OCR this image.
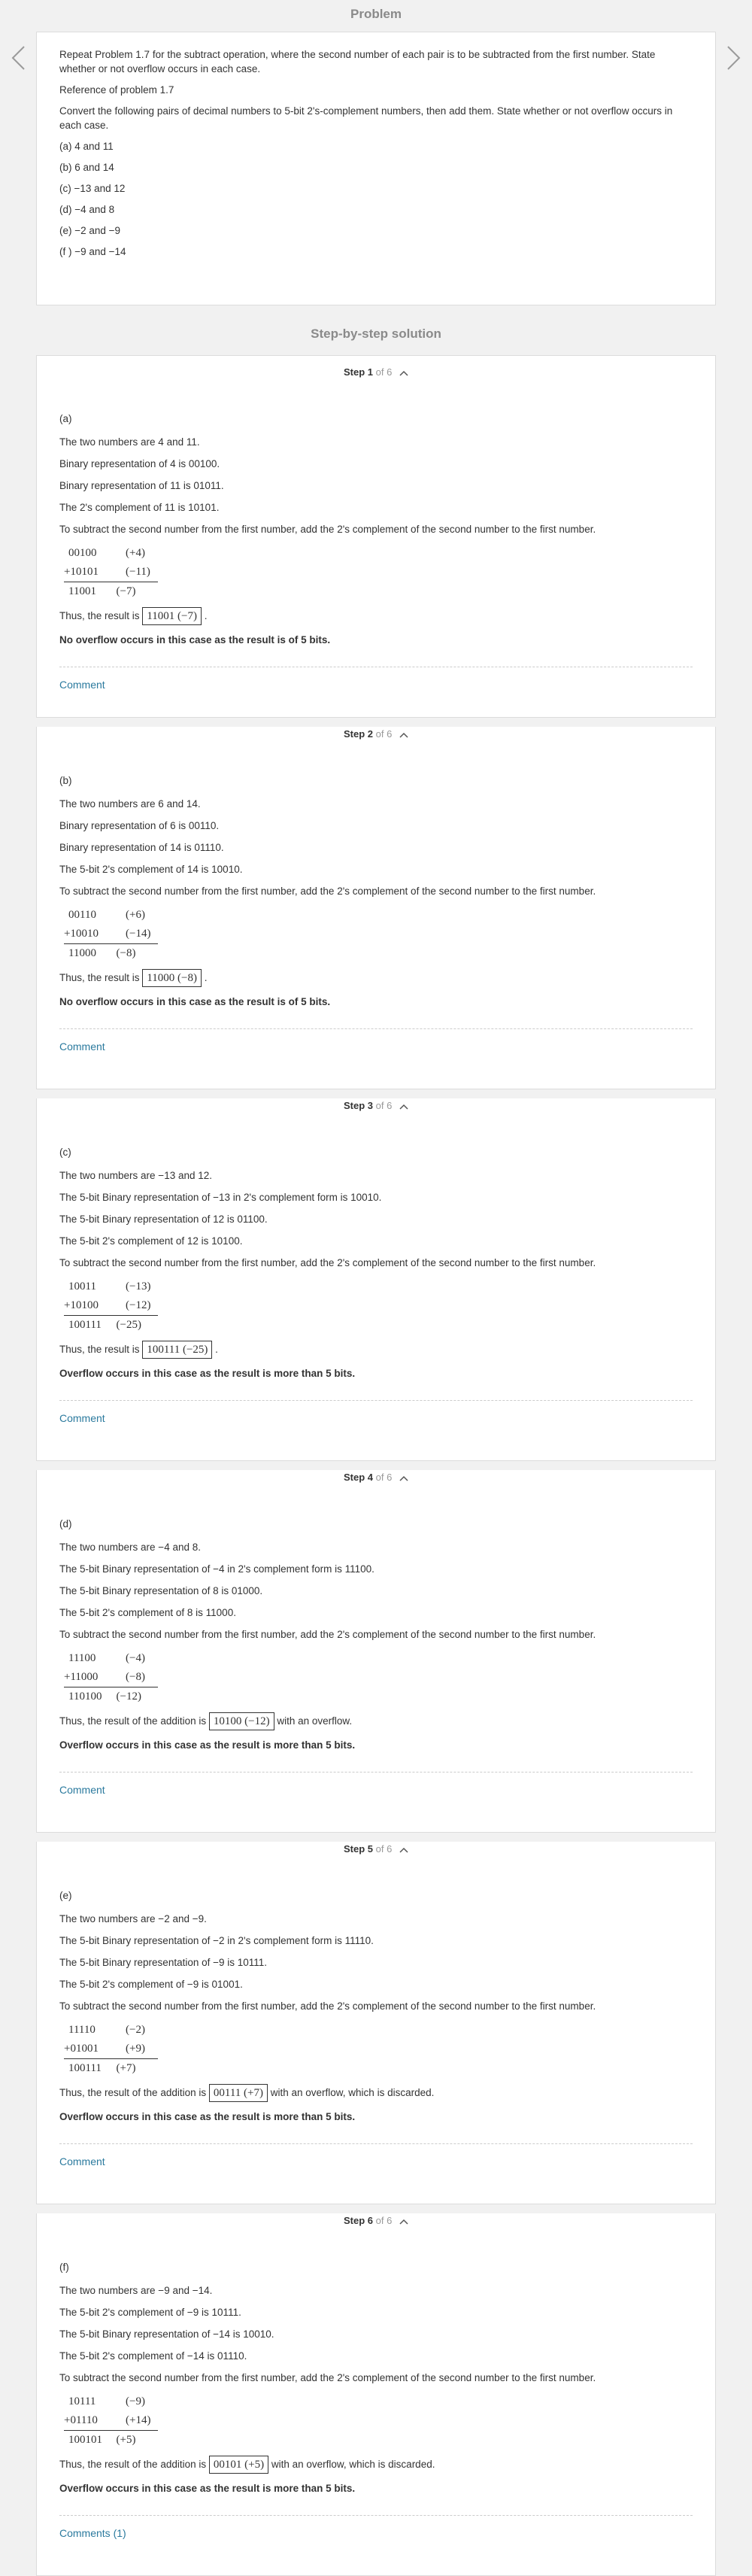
Problem

Repeat Problem 1.7 for the subtract operation, where the second number of each pair is to be subtracted from the first number. State whether or not overflow occurs in each case.

Reference of problem 1.7

Convert the following pairs of decimal numbers to 5-bit 2's-complement numbers, then add them. State whether or not overflow occurs in each case.

(a) 4 and 11
(b) 6 and 14
(c) −13 and 12
(d) −4 and 8
(e) −2 and −9
(f ) −9 and −14
Step-by-step solution
Step 1 of 6

(a)

The two numbers are 4 and 11.

Binary representation of 4 is 00100.

Binary representation of 11 is 01011.

The 2's complement of 11 is 10101.

To subtract the second number from the first number, add the 2's complement of the second number to the first number.

00100	(+4)
+10101	(−11)
11001	(−7)

Thus, the result is 11001 (−7) .

No overflow occurs in this case as the result is of 5 bits.

Comment
Step 2 of 6

(b)

The two numbers are 6 and 14.

Binary representation of 6 is 00110.

Binary representation of 14 is 01110.

The 5-bit 2's complement of 14 is 10010.

To subtract the second number from the first number, add the 2's complement of the second number to the first number.

00110	(+6)
+10010	(−14)
11000	(−8)

Thus, the result is 11000 (−8) .

No overflow occurs in this case as the result is of 5 bits.

Comment
Step 3 of 6

(c)

The two numbers are −13 and 12.

The 5-bit Binary representation of −13 in 2's complement form is 10010.

The 5-bit Binary representation of 12 is 01100.

The 5-bit 2's complement of 12 is 10100.

To subtract the second number from the first number, add the 2's complement of the second number to the first number.

10011	(−13)
+10100	(−12)
100111	(−25)

Thus, the result is 100111 (−25) .

Overflow occurs in this case as the result is more than 5 bits.

Comment
Step 4 of 6

(d)

The two numbers are −4 and 8.

The 5-bit Binary representation of −4 in 2's complement form is 11100.

The 5-bit Binary representation of 8 is 01000.

The 5-bit 2's complement of 8 is 11000.

To subtract the second number from the first number, add the 2's complement of the second number to the first number.

11100	(−4)
+11000	(−8)
110100	(−12)

Thus, the result of the addition is 10100 (−12) with an overflow.

Overflow occurs in this case as the result is more than 5 bits.

Comment
Step 5 of 6

(e)

The two numbers are −2 and −9.

The 5-bit Binary representation of −2 in 2's complement form is 11110.

The 5-bit Binary representation of −9 is 10111.

The 5-bit 2's complement of −9 is 01001.

To subtract the second number from the first number, add the 2's complement of the second number to the first number.

11110	(−2)
+01001	(+9)
100111	(+7)

Thus, the result of the addition is 00111 (+7) with an overflow, which is discarded.

Overflow occurs in this case as the result is more than 5 bits.

Comment
Step 6 of 6

(f)

The two numbers are −9 and −14.

The 5-bit 2's complement of −9 is 10111.

The 5-bit Binary representation of −14 is 10010.

The 5-bit 2's complement of −14 is 01110.

To subtract the second number from the first number, add the 2's complement of the second number to the first number.

10111	(−9)
+01110	(+14)
100101	(+5)

Thus, the result of the addition is 00101 (+5) with an overflow, which is discarded.

Overflow occurs in this case as the result is more than 5 bits.

Comments (1)
